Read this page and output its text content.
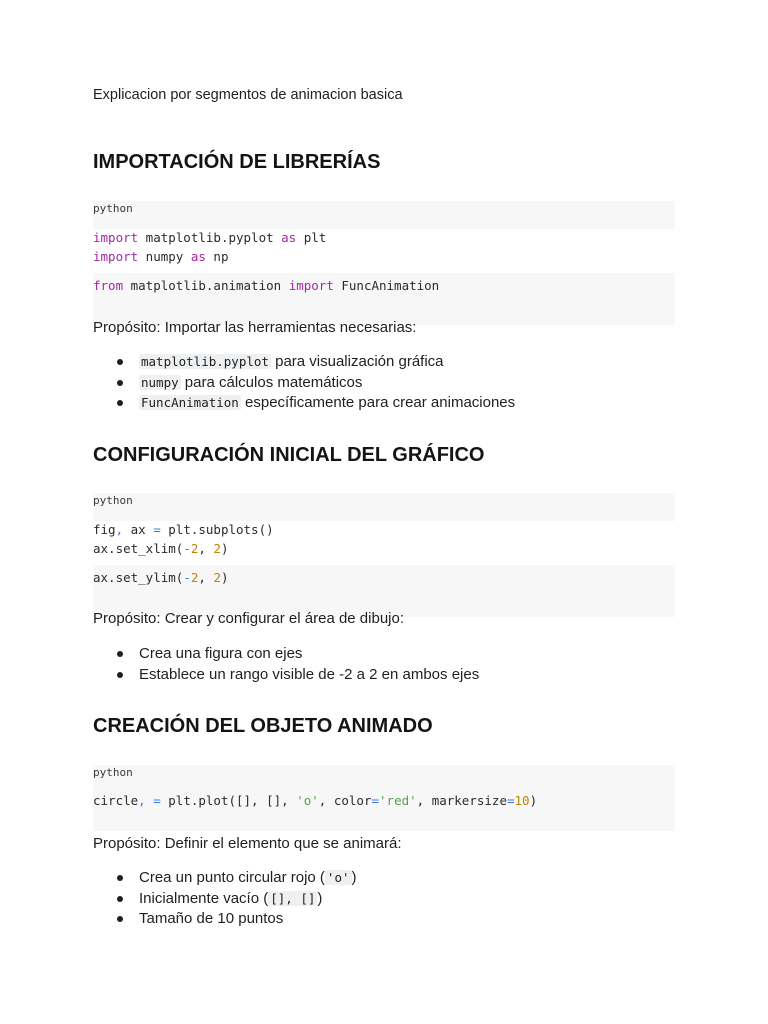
Explicacion por segmentos de animacion basica

IMPORTACIÓN DE LIBRERÍAS
python
import matplotlib.pyplot as plt
import numpy as np
from matplotlib.animation import FuncAnimation

Propósito: Importar las herramientas necesarias:

matplotlib.pyplot para visualización gráfica
numpy para cálculos matemáticos
FuncAnimation específicamente para crear animaciones
CONFIGURACIÓN INICIAL DEL GRÁFICO
python
fig, ax = plt.subplots()
ax.set_xlim(-2, 2)
ax.set_ylim(-2, 2)

Propósito: Crear y configurar el área de dibujo:

Crea una figura con ejes
Establece un rango visible de -2 a 2 en ambos ejes
CREACIÓN DEL OBJETO ANIMADO
python
circle, = plt.plot([], [], 'o', color='red', markersize=10)

Propósito: Definir el elemento que se animará:

Crea un punto circular rojo ( 'o' )
Inicialmente vacío ( [], [] )
Tamaño de 10 puntos
